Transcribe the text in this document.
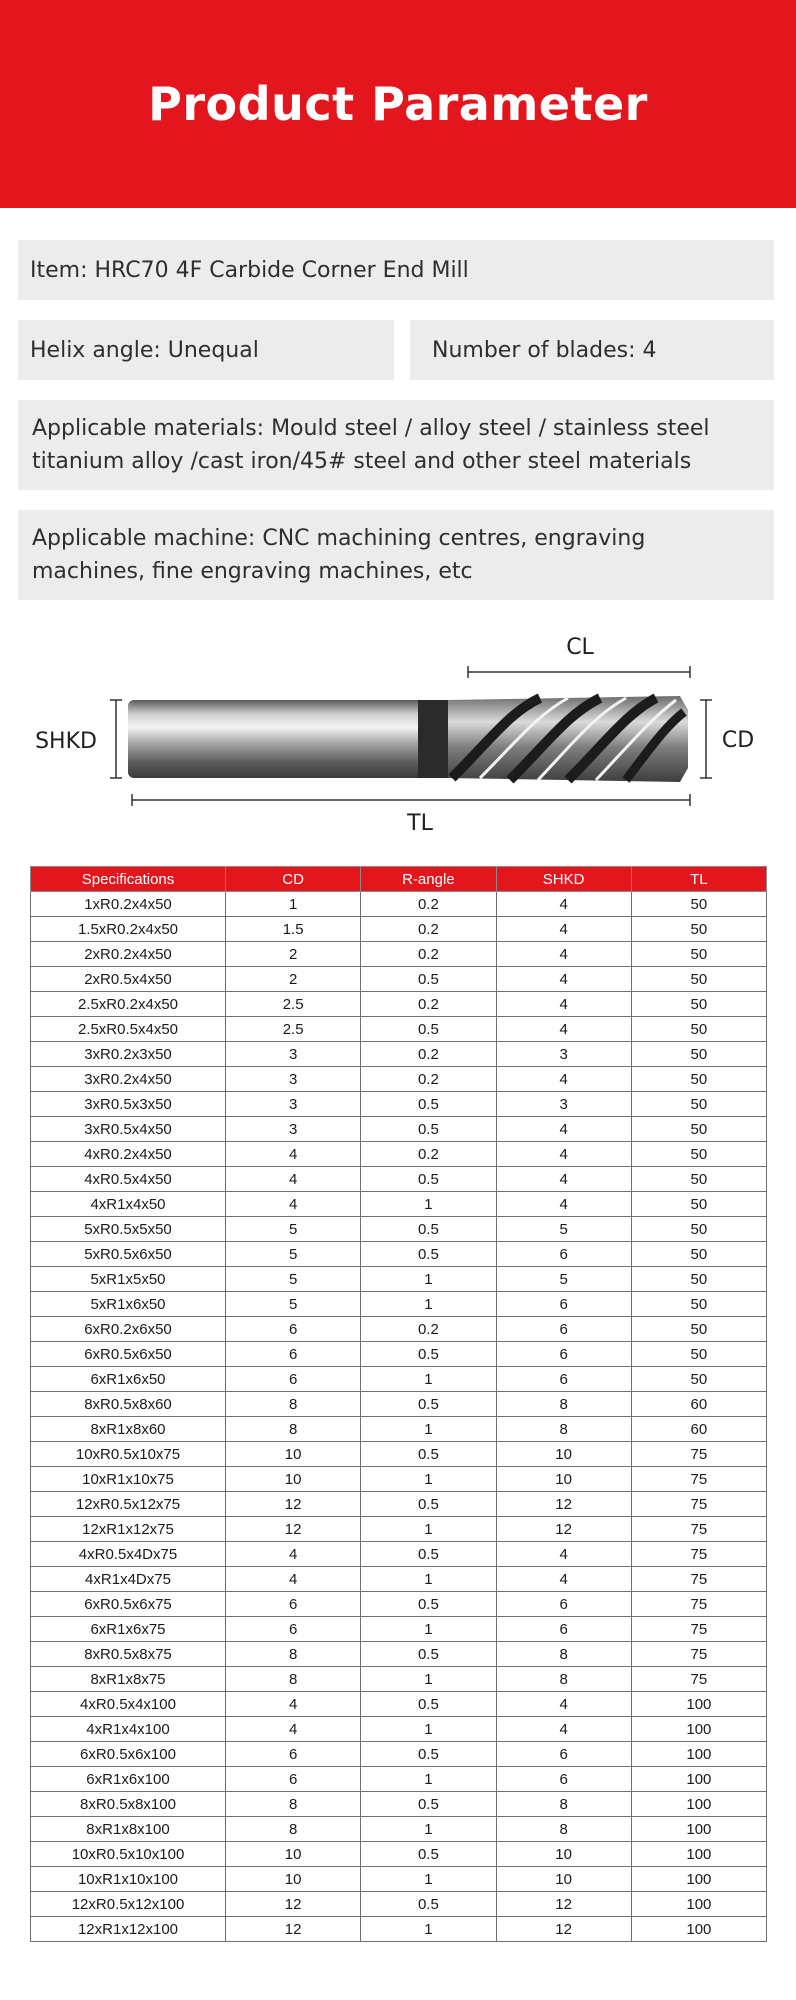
Product Parameter
Item: HRC70 4F Carbide Corner End Mill
Helix angle: Unequal	Number of blades: 4
Applicable materials: Mould steel / alloy steel / stainless steel
titanium alloy /cast iron/45# steel and other steel materials
Applicable machine: CNC machining centres, engraving
machines, fine engraving machines, etc
CL
SHKD	CD
TL
Specifications	CD	R-angle	SHKD	TL
1xR0.2x4x50	1	0.2	4	50
1.5xR0.2x4x50	1.5	0.2	4	50
2xR0.2x4x50	2	0.2	4	50
2xR0.5x4x50	2	0.5	4	50
2.5xR0.2x4x50	2.5	0.2	4	50
2.5xR0.5x4x50	2.5	0.5	4	50
3xR0.2x3x50	3	0.2	3	50
3xR0.2x4x50	3	0.2	4	50
3xR0.5x3x50	3	0.5	3	50
3xR0.5x4x50	3	0.5	4	50
4xR0.2x4x50	4	0.2	4	50
4xR0.5x4x50	4	0.5	4	50
4xR1x4x50	4	1	4	50
5xR0.5x5x50	5	0.5	5	50
5xR0.5x6x50	5	0.5	6	50
5xR1x5x50	5	1	5	50
5xR1x6x50	5	1	6	50
6xR0.2x6x50	6	0.2	6	50
6xR0.5x6x50	6	0.5	6	50
6xR1x6x50	6	1	6	50
8xR0.5x8x60	8	0.5	8	60
8xR1x8x60	8	1	8	60
10xR0.5x10x75	10	0.5	10	75
10xR1x10x75	10	1	10	75
12xR0.5x12x75	12	0.5	12	75
12xR1x12x75	12	1	12	75
4xR0.5x4Dx75	4	0.5	4	75
4xR1x4Dx75	4	1	4	75
6xR0.5x6x75	6	0.5	6	75
6xR1x6x75	6	1	6	75
8xR0.5x8x75	8	0.5	8	75
8xR1x8x75	8	1	8	75
4xR0.5x4x100	4	0.5	4	100
4xR1x4x100	4	1	4	100
6xR0.5x6x100	6	0.5	6	100
6xR1x6x100	6	1	6	100
8xR0.5x8x100	8	0.5	8	100
8xR1x8x100	8	1	8	100
10xR0.5x10x100	10	0.5	10	100
10xR1x10x100	10	1	10	100
12xR0.5x12x100	12	0.5	12	100
12xR1x12x100	12	1	12	100
